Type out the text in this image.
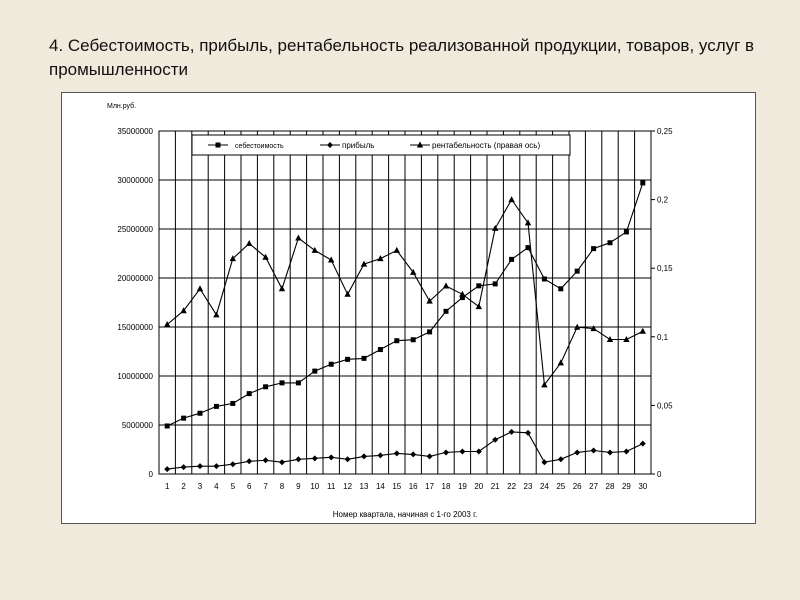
4. Себестоимость, прибыль, рентабельность реализованной продукции, товаров, услуг в промышленности
0
5000000
10000000
15000000
20000000
25000000
30000000
35000000
0
0,05
0,1
0,15
0,2
0,25
1 2 3 4 5 6 7 8 9 10 11 12 13 14 15 16 17 18 19 20 21 22 23 24 25 26 27 28 29 30
Млн.руб.
Номер квартала, начиная с 1-го 2003 г.
себестоимость	прибыль	рентабельность (правая ось)
